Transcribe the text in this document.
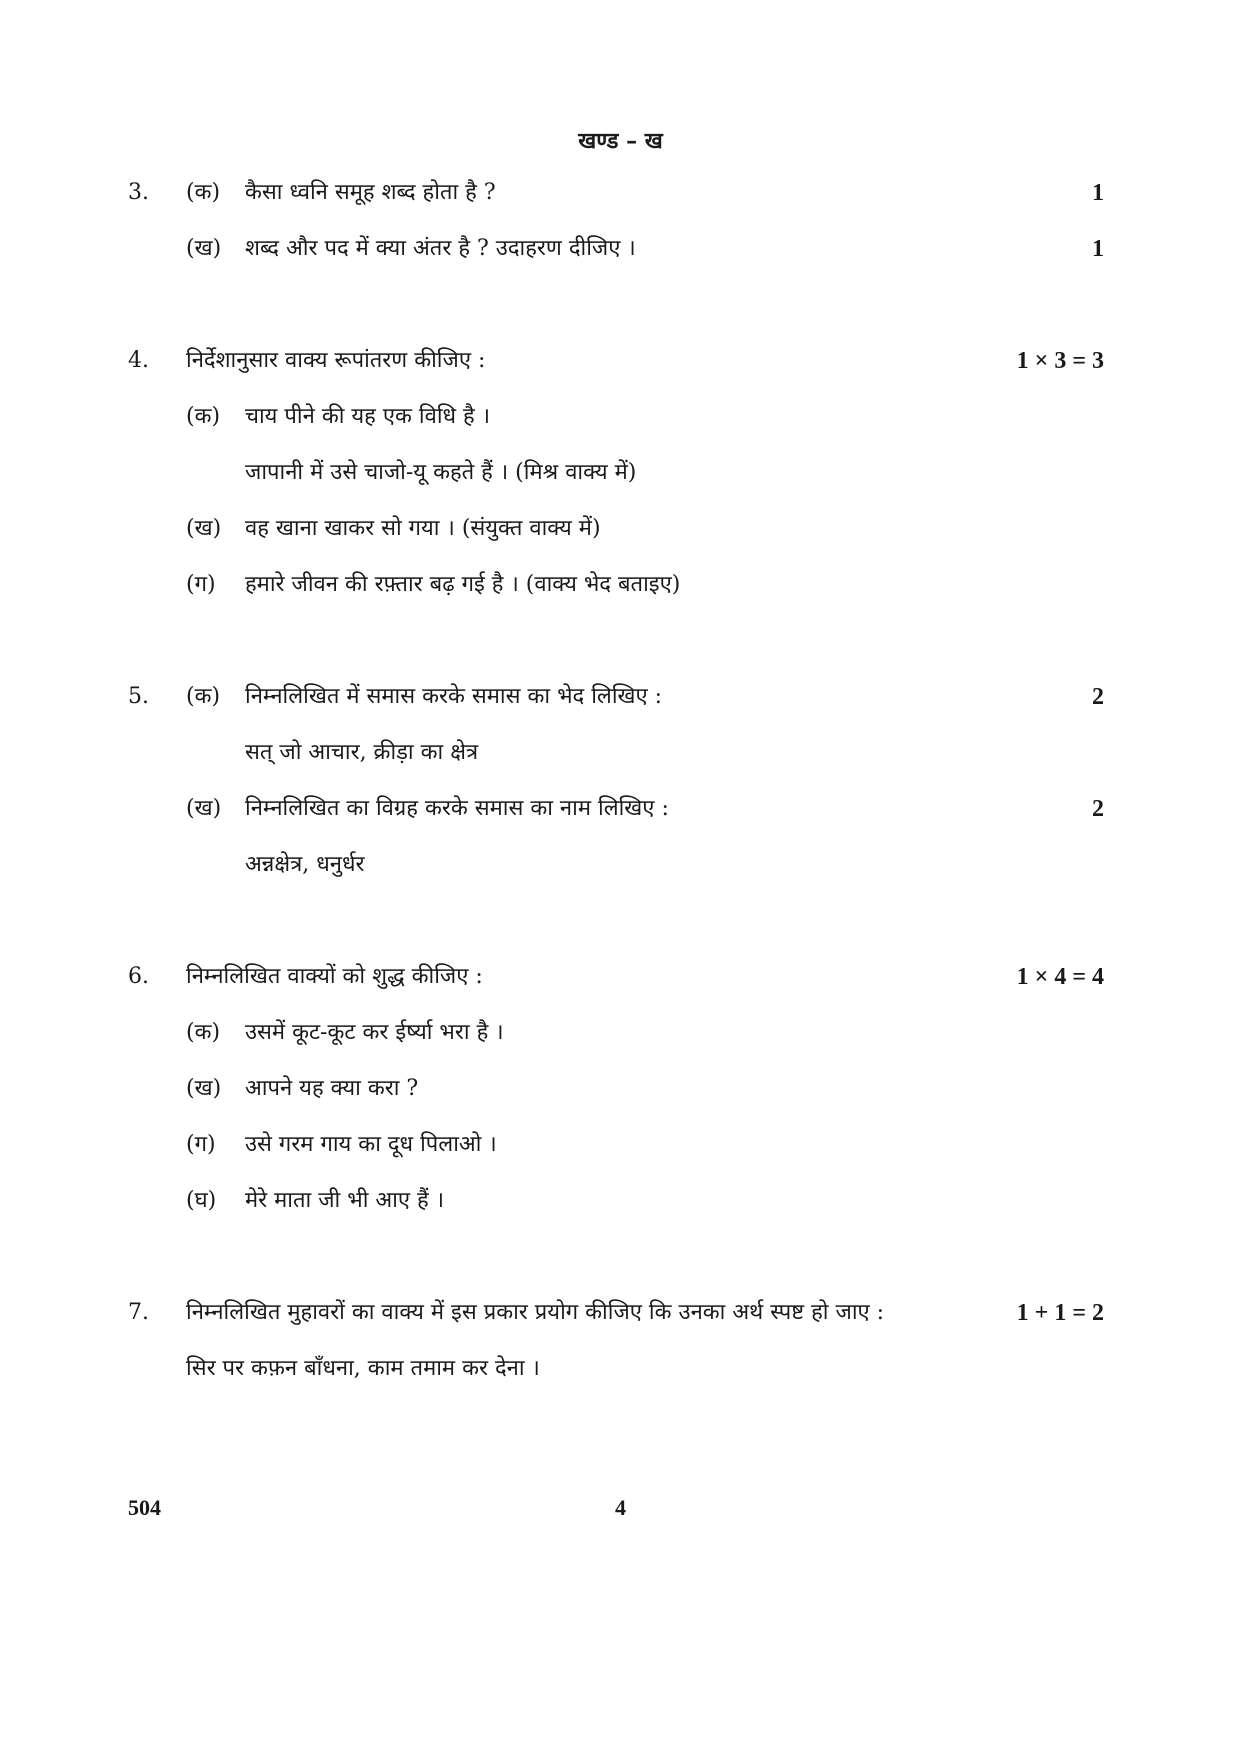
खण्ड – ख
3. (क) कैसा ध्वनि समूह शब्द होता है ?	1
(ख) शब्द और पद में क्या अंतर है ? उदाहरण दीजिए ।	1
4. निर्देशानुसार वाक्य रूपांतरण कीजिए :	1 × 3 = 3
(क) चाय पीने की यह एक विधि है ।
जापानी में उसे चाजो-यू कहते हैं । (मिश्र वाक्य में)
(ख) वह खाना खाकर सो गया । (संयुक्त वाक्य में)
(ग) हमारे जीवन की रफ़्तार बढ़ गई है । (वाक्य भेद बताइए)
5. (क) निम्नलिखित में समास करके समास का भेद लिखिए :	2
सत् जो आचार, क्रीड़ा का क्षेत्र
(ख) निम्नलिखित का विग्रह करके समास का नाम लिखिए :	2
अन्नक्षेत्र, धनुर्धर
6. निम्नलिखित वाक्यों को शुद्ध कीजिए :	1 × 4 = 4
(क) उसमें कूट-कूट कर ईर्ष्या भरा है ।
(ख) आपने यह क्या करा ?
(ग) उसे गरम गाय का दूध पिलाओ ।
(घ) मेरे माता जी भी आए हैं ।
7. निम्नलिखित मुहावरों का वाक्य में इस प्रकार प्रयोग कीजिए कि उनका अर्थ स्पष्ट हो जाए :	1 + 1 = 2
सिर पर कफ़न बाँधना, काम तमाम कर देना ।
504	4
